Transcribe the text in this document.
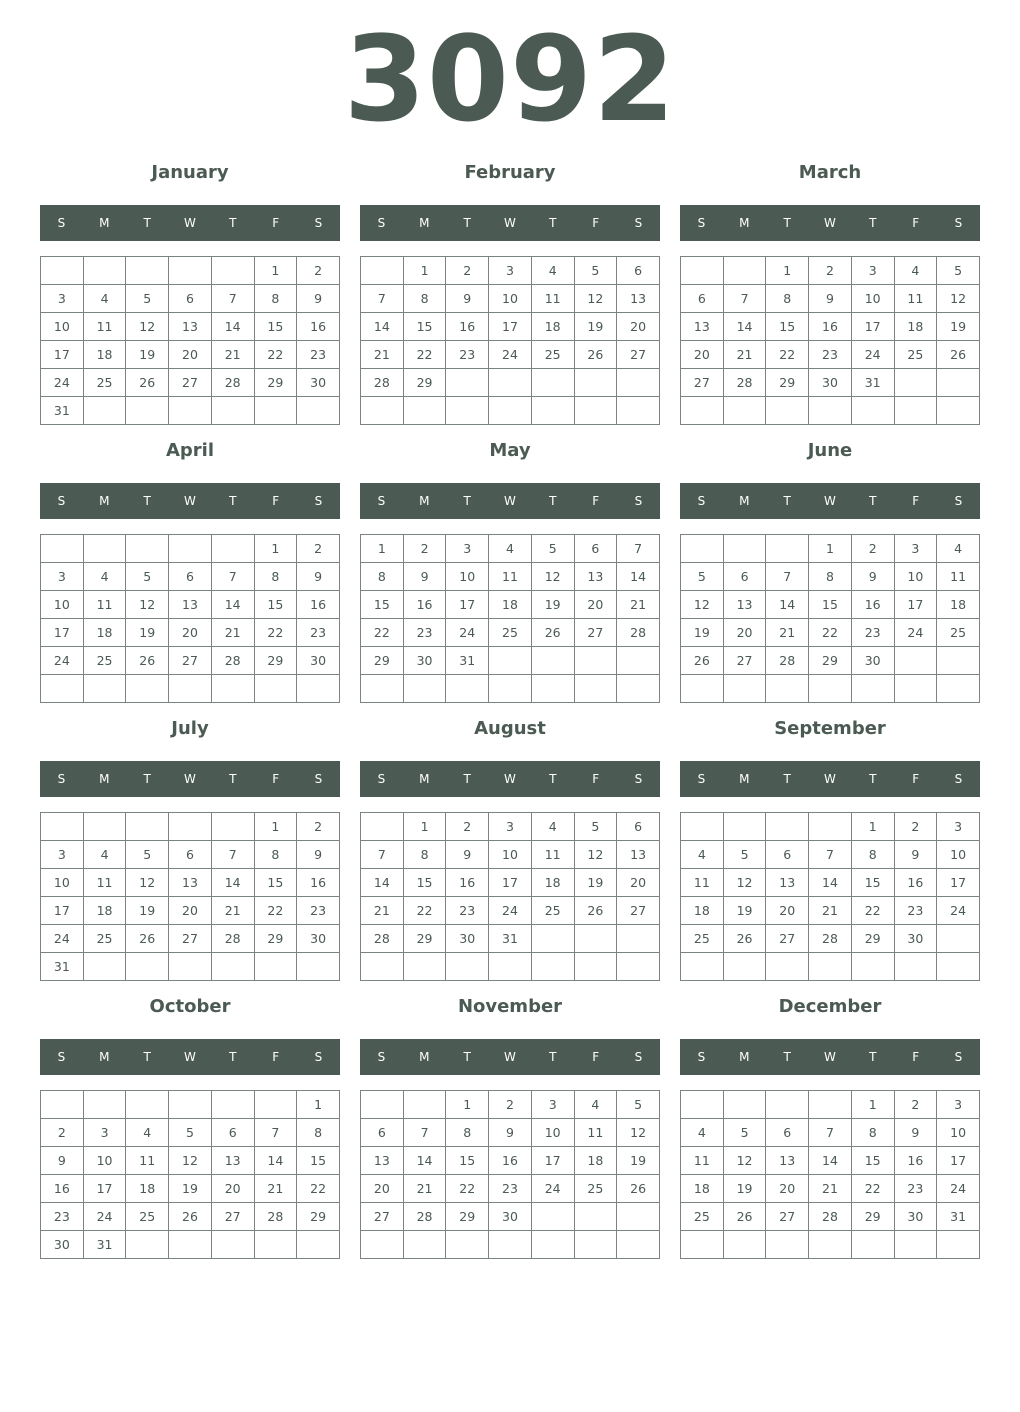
3092
January
S	M	T	W	T	F	S
					1	2
3	4	5	6	7	8	9
10	11	12	13	14	15	16
17	18	19	20	21	22	23
24	25	26	27	28	29	30
31						
February
S	M	T	W	T	F	S
	1	2	3	4	5	6
7	8	9	10	11	12	13
14	15	16	17	18	19	20
21	22	23	24	25	26	27
28	29					

March
S	M	T	W	T	F	S
		1	2	3	4	5
6	7	8	9	10	11	12
13	14	15	16	17	18	19
20	21	22	23	24	25	26
27	28	29	30	31		

April
S	M	T	W	T	F	S
					1	2
3	4	5	6	7	8	9
10	11	12	13	14	15	16
17	18	19	20	21	22	23
24	25	26	27	28	29	30

May
S	M	T	W	T	F	S
1	2	3	4	5	6	7
8	9	10	11	12	13	14
15	16	17	18	19	20	21
22	23	24	25	26	27	28
29	30	31				

June
S	M	T	W	T	F	S
			1	2	3	4
5	6	7	8	9	10	11
12	13	14	15	16	17	18
19	20	21	22	23	24	25
26	27	28	29	30		

July
S	M	T	W	T	F	S
					1	2
3	4	5	6	7	8	9
10	11	12	13	14	15	16
17	18	19	20	21	22	23
24	25	26	27	28	29	30
31						
August
S	M	T	W	T	F	S
	1	2	3	4	5	6
7	8	9	10	11	12	13
14	15	16	17	18	19	20
21	22	23	24	25	26	27
28	29	30	31			

September
S	M	T	W	T	F	S
				1	2	3
4	5	6	7	8	9	10
11	12	13	14	15	16	17
18	19	20	21	22	23	24
25	26	27	28	29	30	

October
S	M	T	W	T	F	S
						1
2	3	4	5	6	7	8
9	10	11	12	13	14	15
16	17	18	19	20	21	22
23	24	25	26	27	28	29
30	31					
November
S	M	T	W	T	F	S
		1	2	3	4	5
6	7	8	9	10	11	12
13	14	15	16	17	18	19
20	21	22	23	24	25	26
27	28	29	30			

December
S	M	T	W	T	F	S
				1	2	3
4	5	6	7	8	9	10
11	12	13	14	15	16	17
18	19	20	21	22	23	24
25	26	27	28	29	30	31
